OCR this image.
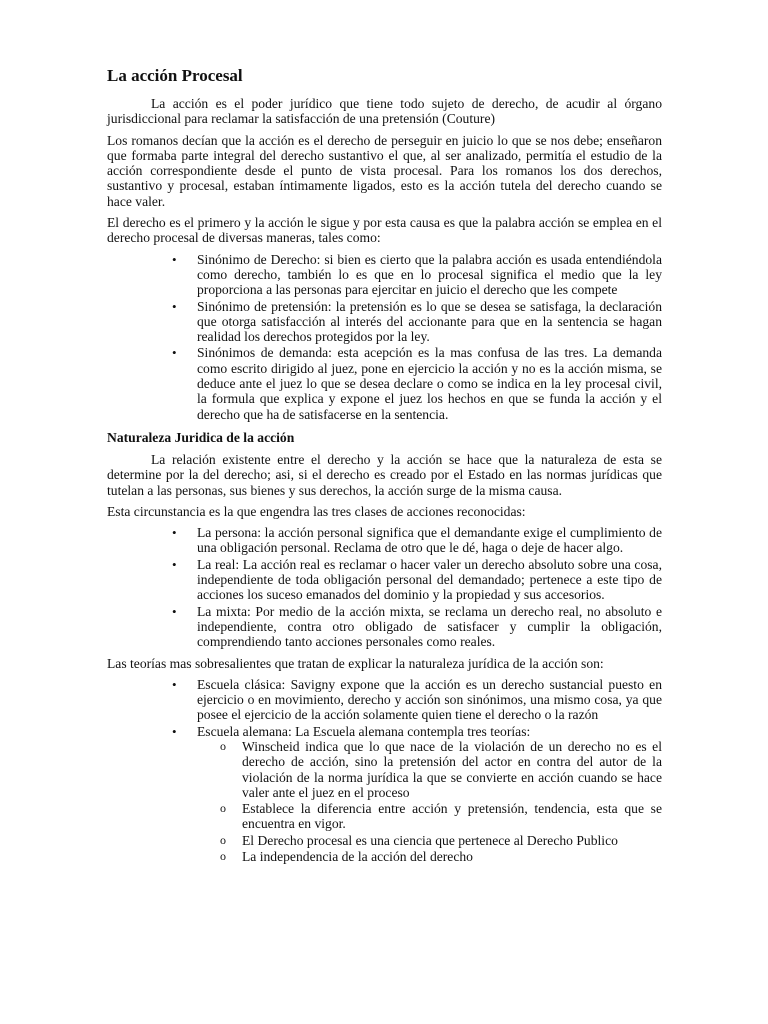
La acción Procesal

La acción es el poder jurídico que tiene todo sujeto de derecho, de acudir al órgano jurisdiccional para reclamar la satisfacción de una pretensión (Couture)

Los romanos decían que la acción es el derecho de perseguir en juicio lo que se nos debe; enseñaron que formaba parte integral del derecho sustantivo el que, al ser analizado, permitía el estudio de la acción correspondiente desde el punto de vista procesal. Para los romanos los dos derechos, sustantivo y procesal, estaban íntimamente ligados, esto es la acción tutela del derecho cuando se hace valer.

El derecho es el primero y la acción le sigue y por esta causa es que la palabra acción se emplea en el derecho procesal de diversas maneras, tales como:

• Sinónimo de Derecho: si bien es cierto que la palabra acción es usada entendiéndola como derecho, también lo es que en lo procesal significa el medio que la ley proporciona a las personas para ejercitar en juicio el derecho que les compete
• Sinónimo de pretensión: la pretensión es lo que se desea se satisfaga, la declaración que otorga satisfacción al interés del accionante para que en la sentencia se hagan realidad los derechos protegidos por la ley.
• Sinónimos de demanda: esta acepción es la mas confusa de las tres. La demanda como escrito dirigido al juez, pone en ejercicio la acción y no es la acción misma, se deduce ante el juez lo que se desea declare o como se indica en la ley procesal civil, la formula que explica y expone el juez los hechos en que se funda la acción y el derecho que ha de satisfacerse en la sentencia.
Naturaleza Juridica de la acción

La relación existente entre el derecho y la acción se hace que la naturaleza de esta se determine por la del derecho; asi, si el derecho es creado por el Estado en las normas jurídicas que tutelan a las personas, sus bienes y sus derechos, la acción surge de la misma causa.

Esta circunstancia es la que engendra las tres clases de acciones reconocidas:

• La persona: la acción personal significa que el demandante exige el cumplimiento de una obligación personal. Reclama de otro que le dé, haga o deje de hacer algo.
• La real: La acción real es reclamar o hacer valer un derecho absoluto sobre una cosa, independiente de toda obligación personal del demandado; pertenece a este tipo de acciones los suceso emanados del dominio y la propiedad y sus accesorios.
• La mixta: Por medio de la acción mixta, se reclama un derecho real, no absoluto e independiente, contra otro obligado de satisfacer y cumplir la obligación, comprendiendo tanto acciones personales como reales.

Las teorías mas sobresalientes que tratan de explicar la naturaleza jurídica de la acción son:

• Escuela clásica: Savigny expone que la acción es un derecho sustancial puesto en ejercicio o en movimiento, derecho y acción son sinónimos, una mismo cosa, ya que posee el ejercicio de la acción solamente quien tiene el derecho o la razón
• Escuela alemana: La Escuela alemana contempla tres teorías:
o Winscheid indica que lo que nace de la violación de un derecho no es el derecho de acción, sino la pretensión del actor en contra del autor de la violación de la norma jurídica la que se convierte en acción cuando se hace valer ante el juez en el proceso
o Establece la diferencia entre acción y pretensión, tendencia, esta que se encuentra en vigor.
o El Derecho procesal es una ciencia que pertenece al Derecho Publico
o La independencia de la acción del derecho
